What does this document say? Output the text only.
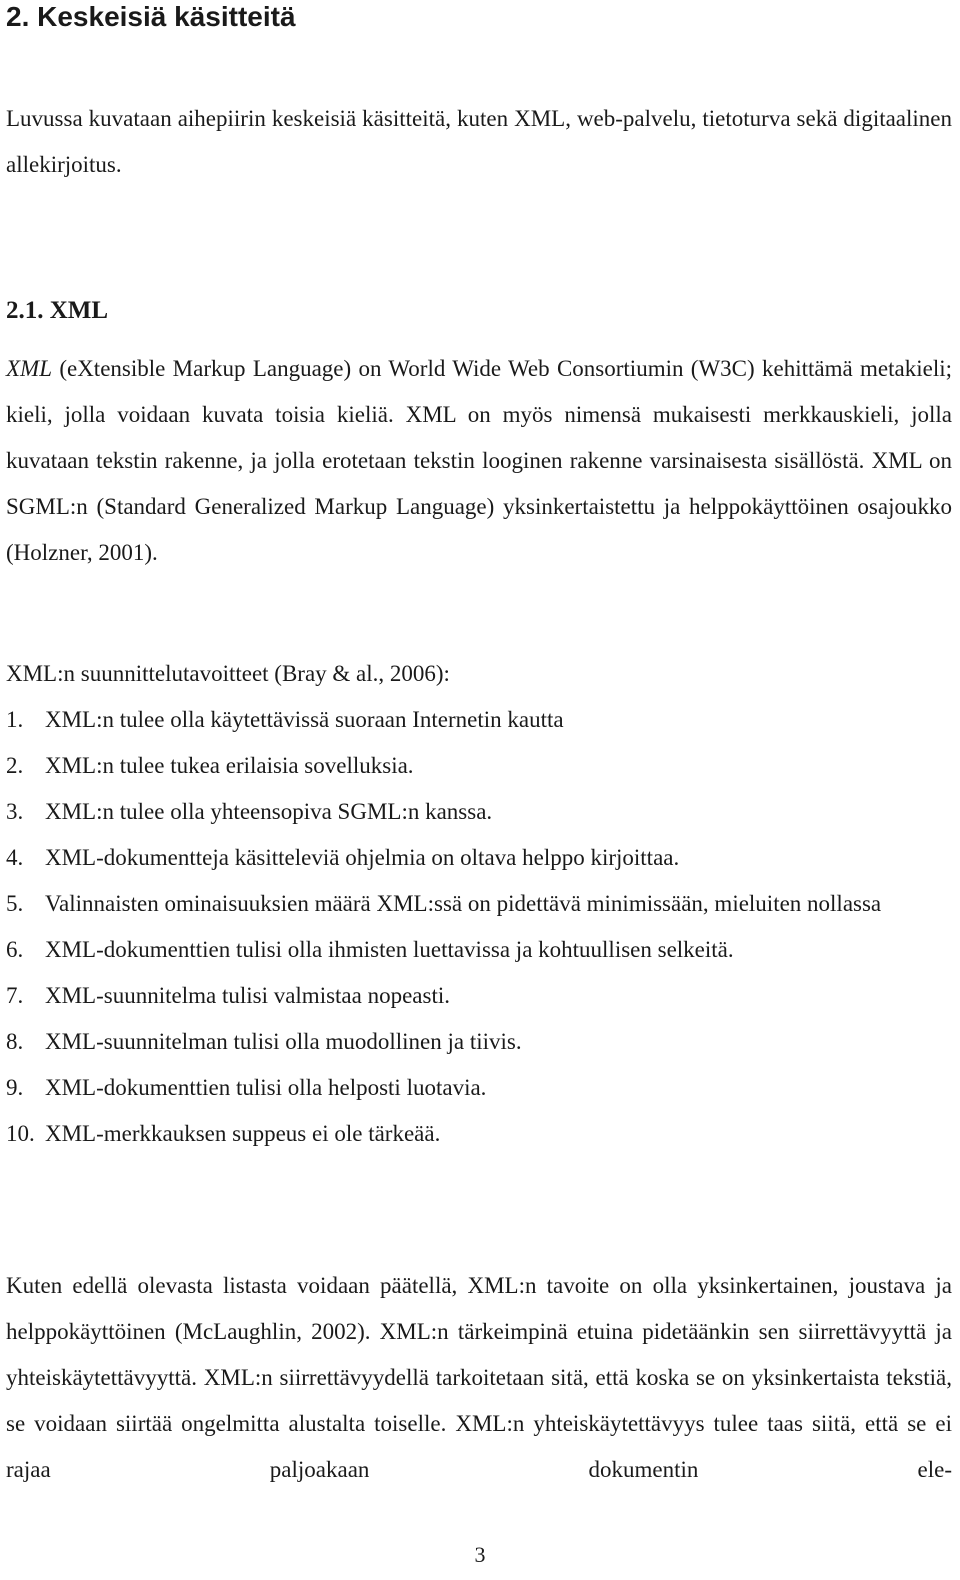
2. Keskeisiä käsitteitä

Luvussa kuvataan aihepiirin keskeisiä käsitteitä, kuten XML, web-palvelu, tietoturva sekä digitaalinen allekirjoitus.

2.1. XML

XML (eXtensible Markup Language) on World Wide Web Consortiumin (W3C) kehittämä metakieli; kieli, jolla voidaan kuvata toisia kieliä. XML on myös nimensä mukaisesti merkkauskieli, jolla kuvataan tekstin rakenne, ja jolla erotetaan tekstin looginen rakenne varsinaisesta sisällöstä. XML on SGML:n (Standard Generalized Markup Language) yksinkertaistettu ja helppokäyttöinen osajoukko (Holzner, 2001).

XML:n suunnittelutavoitteet (Bray & al., 2006):

1. XML:n tulee olla käytettävissä suoraan Internetin kautta
2. XML:n tulee tukea erilaisia sovelluksia.
3. XML:n tulee olla yhteensopiva SGML:n kanssa.
4. XML-dokumentteja käsitteleviä ohjelmia on oltava helppo kirjoittaa.
5. Valinnaisten ominaisuuksien määrä XML:ssä on pidettävä minimissään, mieluiten nollassa
6. XML-dokumenttien tulisi olla ihmisten luettavissa ja kohtuullisen selkeitä.
7. XML-suunnitelma tulisi valmistaa nopeasti.
8. XML-suunnitelman tulisi olla muodollinen ja tiivis.
9. XML-dokumenttien tulisi olla helposti luotavia.
10. XML-merkkauksen suppeus ei ole tärkeää.

Kuten edellä olevasta listasta voidaan päätellä, XML:n tavoite on olla yksinkertainen, joustava ja helppokäyttöinen (McLaughlin, 2002). XML:n tärkeimpinä etuina pidetäänkin sen siirrettävyyttä ja yhteiskäytettävyyttä. XML:n siirrettävyydellä tarkoitetaan sitä, että koska se on yksinkertaista tekstiä, se voidaan siirtää ongelmitta alustalta toiselle. XML:n yhteiskäytettävyys tulee taas siitä, että se ei rajaa paljoakaan dokumentin ele-

3
